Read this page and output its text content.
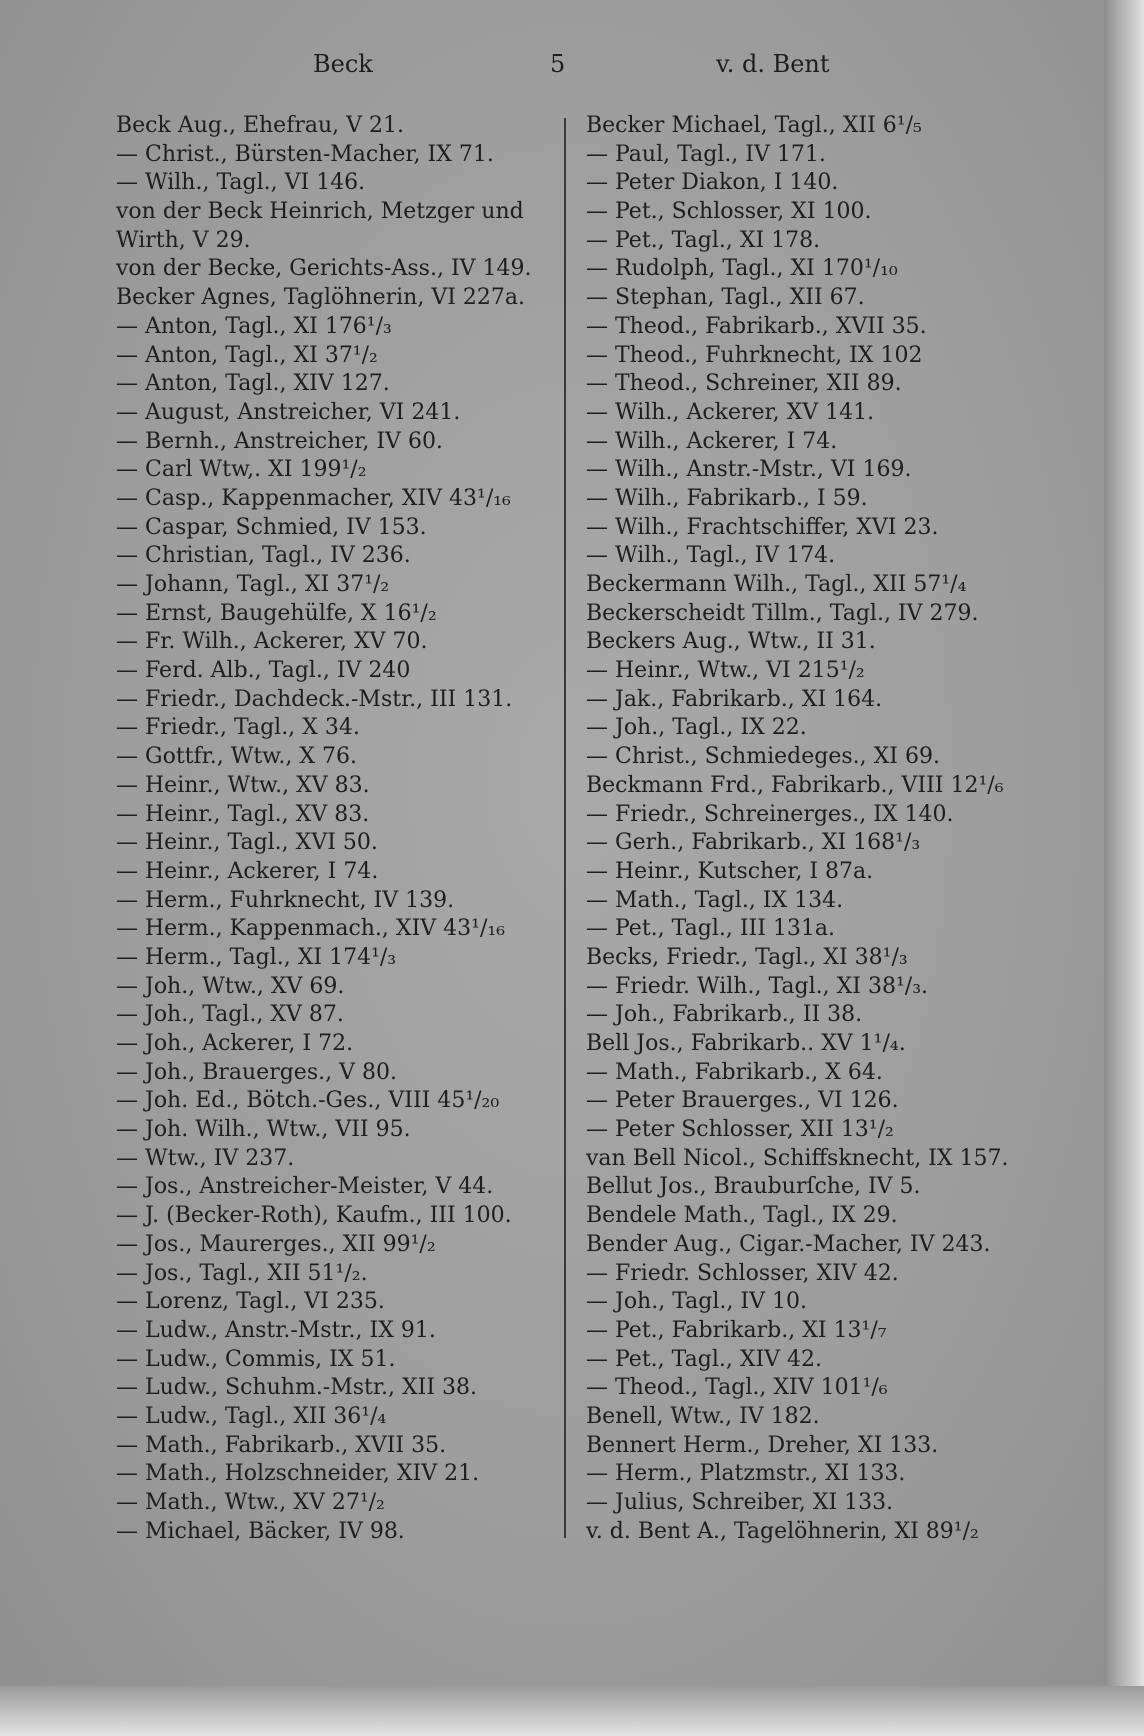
Beck	5	v. d. Bent
Beck Aug., Ehefrau, V 21.
— Christ., Bürsten-Macher, IX 71.
— Wilh., Tagl., VI 146.
von der Beck Heinrich, Metzger und
Wirth, V 29.
von der Becke, Gerichts-Ass., IV 149.
Becker Agnes, Taglöhnerin, VI 227a.
— Anton, Tagl., XI 176¹/₃
— Anton, Tagl., XI 37¹/₂
— Anton, Tagl., XIV 127.
— August, Anstreicher, VI 241.
— Bernh., Anstreicher, IV 60.
— Carl Wtw,. XI 199¹/₂
— Casp., Kappenmacher, XIV 43¹/₁₆
— Caspar, Schmied, IV 153.
— Christian, Tagl., IV 236.
— Johann, Tagl., XI 37¹/₂
— Ernst, Baugehülfe, X 16¹/₂
— Fr. Wilh., Ackerer, XV 70.
— Ferd. Alb., Tagl., IV 240
— Friedr., Dachdeck.-Mstr., III 131.
— Friedr., Tagl., X 34.
— Gottfr., Wtw., X 76.
— Heinr., Wtw., XV 83.
— Heinr., Tagl., XV 83.
— Heinr., Tagl., XVI 50.
— Heinr., Ackerer, I 74.
— Herm., Fuhrknecht, IV 139.
— Herm., Kappenmach., XIV 43¹/₁₆
— Herm., Tagl., XI 174¹/₃
— Joh., Wtw., XV 69.
— Joh., Tagl., XV 87.
— Joh., Ackerer, I 72.
— Joh., Brauerges., V 80.
— Joh. Ed., Bötch.-Ges., VIII 45¹/₂₀
— Joh. Wilh., Wtw., VII 95.
— Wtw., IV 237.
— Jos., Anstreicher-Meister, V 44.
— J. (Becker-Roth), Kaufm., III 100.
— Jos., Maurerges., XII 99¹/₂
— Jos., Tagl., XII 51¹/₂.
— Lorenz, Tagl., VI 235.
— Ludw., Anstr.-Mstr., IX 91.
— Ludw., Commis, IX 51.
— Ludw., Schuhm.-Mstr., XII 38.
— Ludw., Tagl., XII 36¹/₄
— Math., Fabrikarb., XVII 35.
— Math., Holzschneider, XIV 21.
— Math., Wtw., XV 27¹/₂
— Michael, Bäcker, IV 98.
Becker Michael, Tagl., XII 6¹/₅
— Paul, Tagl., IV 171.
— Peter Diakon, I 140.
— Pet., Schlosser, XI 100.
— Pet., Tagl., XI 178.
— Rudolph, Tagl., XI 170¹/₁₀
— Stephan, Tagl., XII 67.
— Theod., Fabrikarb., XVII 35.
— Theod., Fuhrknecht, IX 102
— Theod., Schreiner, XII 89.
— Wilh., Ackerer, XV 141.
— Wilh., Ackerer, I 74.
— Wilh., Anstr.-Mstr., VI 169.
— Wilh., Fabrikarb., I 59.
— Wilh., Frachtschiffer, XVI 23.
— Wilh., Tagl., IV 174.
Beckermann Wilh., Tagl., XII 57¹/₄
Beckerscheidt Tillm., Tagl., IV 279.
Beckers Aug., Wtw., II 31.
— Heinr., Wtw., VI 215¹/₂
— Jak., Fabrikarb., XI 164.
— Joh., Tagl., IX 22.
— Christ., Schmiedeges., XI 69.
Beckmann Frd., Fabrikarb., VIII 12¹/₆
— Friedr., Schreinerges., IX 140.
— Gerh., Fabrikarb., XI 168¹/₃
— Heinr., Kutscher, I 87a.
— Math., Tagl., IX 134.
— Pet., Tagl., III 131a.
Becks, Friedr., Tagl., XI 38¹/₃
— Friedr. Wilh., Tagl., XI 38¹/₃.
— Joh., Fabrikarb., II 38.
Bell Jos., Fabrikarb.. XV 1¹/₄.
— Math., Fabrikarb., X 64.
— Peter Brauerges., VI 126.
— Peter Schlosser, XII 13¹/₂
van Bell Nicol., Schiffsknecht, IX 157.
Bellut Jos., Brauburſche, IV 5.
Bendele Math., Tagl., IX 29.
Bender Aug., Cigar.-Macher, IV 243.
— Friedr. Schlosser, XIV 42.
— Joh., Tagl., IV 10.
— Pet., Fabrikarb., XI 13¹/₇
— Pet., Tagl., XIV 42.
— Theod., Tagl., XIV 101¹/₆
Benell, Wtw., IV 182.
Bennert Herm., Dreher, XI 133.
— Herm., Platzmstr., XI 133.
— Julius, Schreiber, XI 133.
v. d. Bent A., Tagelöhnerin, XI 89¹/₂
